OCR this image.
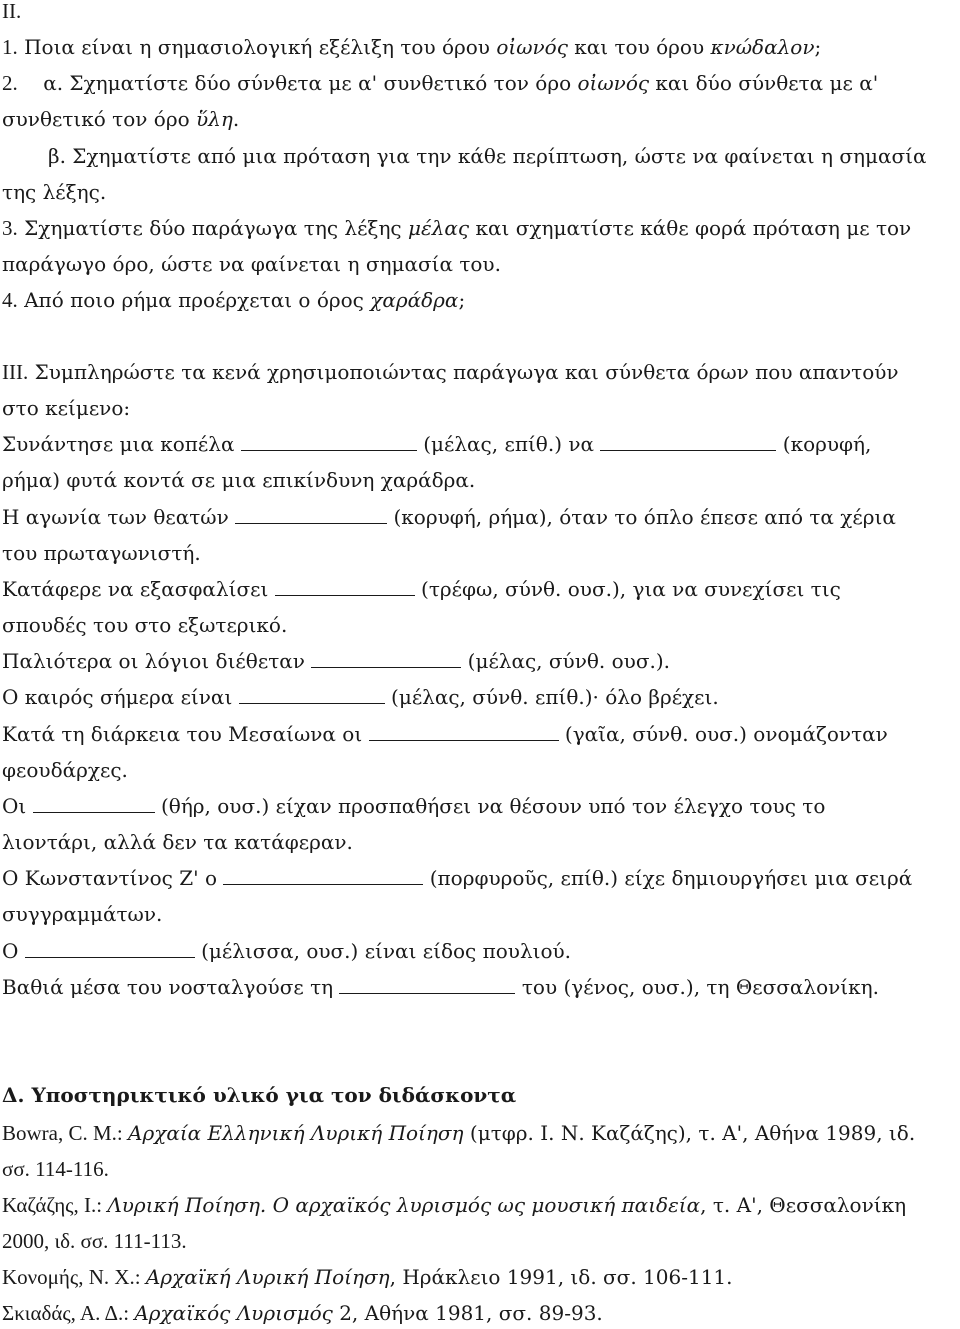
II.
1. Ποια είναι η σημασιολογική εξέλιξη του όρου οἰωνός και του όρου κνώδαλον;
2. α. Σχηματίστε δύο σύνθετα με α' συνθετικό τον όρο οἰωνός και δύο σύνθετα με α'
συνθετικό τον όρο ὕλη.
β. Σχηματίστε από μια πρόταση για την κάθε περίπτωση, ώστε να φαίνεται η σημασία
της λέξης.
3. Σχηματίστε δύο παράγωγα της λέξης μέλας και σχηματίστε κάθε φορά πρόταση με τον
παράγωγο όρο, ώστε να φαίνεται η σημασία του.
4. Από ποιο ρήμα προέρχεται ο όρος χαράδρα;
III. Συμπληρώστε τα κενά χρησιμοποιώντας παράγωγα και σύνθετα όρων που απαντούν
στο κείμενο:
Συνάντησε μια κοπέλα	(μέλας, επίθ.) να	(κορυφή,
ρήμα) φυτά κοντά σε μια επικίνδυνη χαράδρα.
Η αγωνία των θεατών	(κορυφή, ρήμα), όταν το όπλο έπεσε από τα χέρια
του πρωταγωνιστή.
Κατάφερε να εξασφαλίσει	(τρέφω, σύνθ. ουσ.), για να συνεχίσει τις
σπουδές του στο εξωτερικό.
Παλιότερα οι λόγιοι διέθεταν	(μέλας, σύνθ. ουσ.).
Ο καιρός σήμερα είναι	(μέλας, σύνθ. επίθ.)· όλο βρέχει.
Κατά τη διάρκεια του Μεσαίωνα οι	(γαῖα, σύνθ. ουσ.) ονομάζονταν
φεουδάρχες.
Οι	(θήρ, ουσ.) είχαν προσπαθήσει να θέσουν υπό τον έλεγχο τους το
λιοντάρι, αλλά δεν τα κατάφεραν.
Ο Κωνσταντίνος Ζ' ο	(πορφυροῦς, επίθ.) είχε δημιουργήσει μια σειρά
συγγραμμάτων.
Ο	(μέλισσα, ουσ.) είναι είδος πουλιού.
Βαθιά μέσα του νοσταλγούσε τη	του (γένος, ουσ.), τη Θεσσαλονίκη.
Δ. Υποστηρικτικό υλικό για τον διδάσκοντα
Bowra, C. M.: Αρχαία Ελληνική Λυρική Ποίηση (μτφρ. Ι. Ν. Καζάζης), τ. Α', Αθήνα 1989, ιδ.
σσ. 114-116.
Καζάζης, Ι.: Λυρική Ποίηση. Ο αρχαϊκός λυρισμός ως μουσική παιδεία, τ. Α', Θεσσαλονίκη
2000, ιδ. σσ. 111-113.
Κονομής, Ν. Χ.: Αρχαϊκή Λυρική Ποίηση, Ηράκλειο 1991, ιδ. σσ. 106-111.
Σκιαδάς, Α. Δ.: Αρχαϊκός Λυρισμός 2, Αθήνα 1981, σσ. 89-93.
